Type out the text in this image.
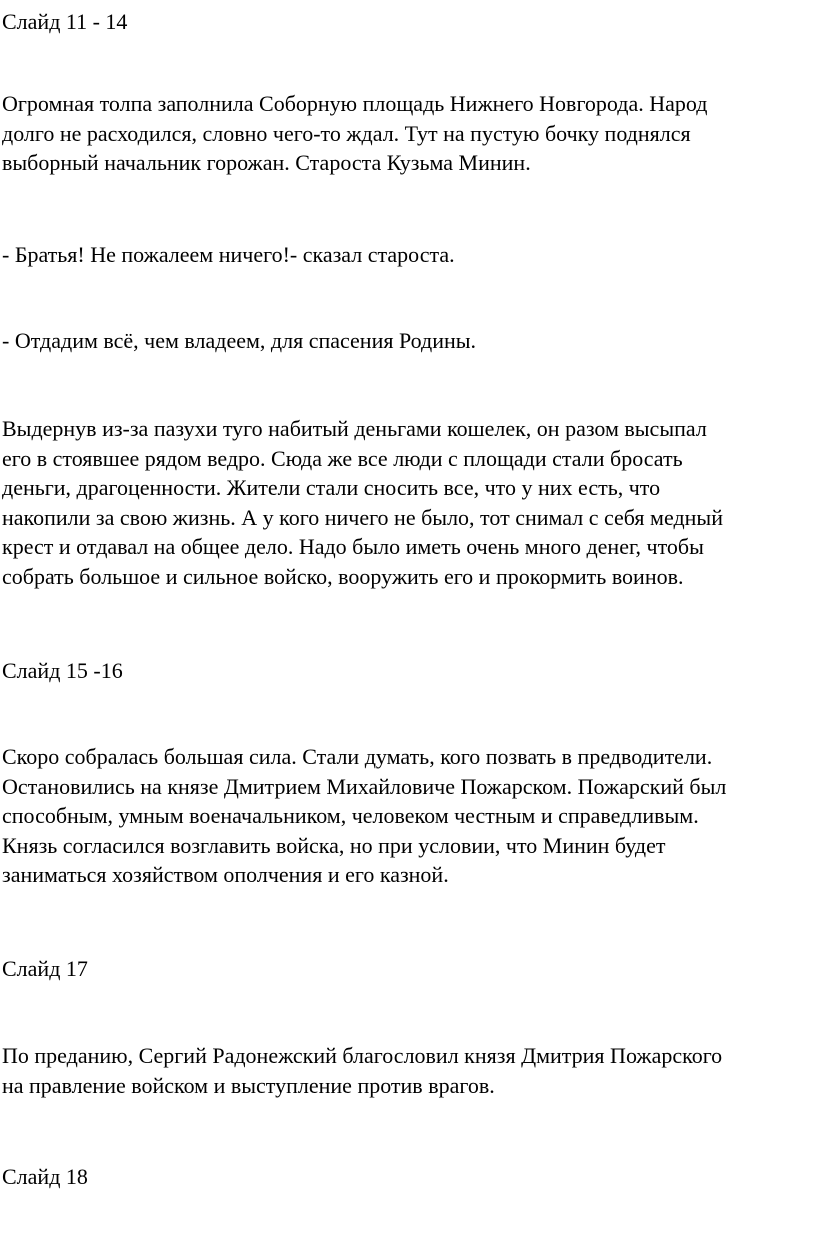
Слайд 11 - 14
Огромная толпа заполнила Соборную площадь Нижнего Новгорода. Народ
долго не расходился, словно чего-то ждал. Тут на пустую бочку поднялся
выборный начальник горожан. Староста Кузьма Минин.
- Братья! Не пожалеем ничего!- сказал староста.
- Отдадим всё, чем владеем, для спасения Родины.
Выдернув из-за пазухи туго набитый деньгами кошелек, он разом высыпал
его в стоявшее рядом ведро. Сюда же все люди с площади стали бросать
деньги, драгоценности. Жители стали сносить все, что у них есть, что
накопили за свою жизнь. А у кого ничего не было, тот снимал с себя медный
крест и отдавал на общее дело. Надо было иметь очень много денег, чтобы
собрать большое и сильное войско, вооружить его и прокормить воинов.
Слайд 15 -16
Скоро собралась большая сила. Стали думать, кого позвать в предводители.
Остановились на князе Дмитрием Михайловиче Пожарском. Пожарский был
способным, умным военачальником, человеком честным и справедливым.
Князь согласился возглавить войска, но при условии, что Минин будет
заниматься хозяйством ополчения и его казной.
Слайд 17
По преданию, Сергий Радонежский благословил князя Дмитрия Пожарского
на правление войском и выступление против врагов.
Слайд 18
